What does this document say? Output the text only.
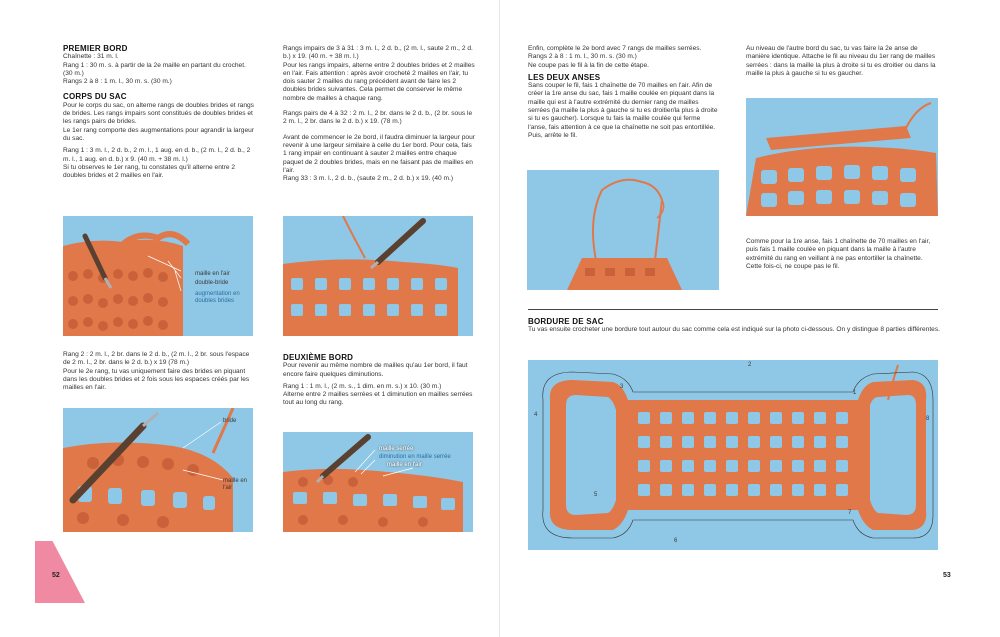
PREMIER BORD

Chaînette : 31 m. l.

Rang 1 : 30 m. s. à partir de la 2e maille en partant du crochet. (30 m.)

Rangs 2 à 8 : 1 m. l., 30 m. s. (30 m.)

CORPS DU SAC

Pour le corps du sac, on alterne rangs de doubles brides et rangs de brides. Les rangs impairs sont constitués de doubles brides et les rangs pairs de brides.

Le 1er rang comporte des augmentations pour agrandir la largeur du sac.

Rang 1 : 3 m. l., 2 d. b., 2 m. l., 1 aug. en d. b., (2 m. l., 2 d. b., 2 m. l., 1 aug. en d. b.) x 9. (40 m. + 38 m. l.)

Si tu observes le 1er rang, tu constates qu'il alterne entre 2 doubles brides et 2 mailles en l'air.

maille en l'air
double-bride
augmentation en doubles brides

Rang 2 : 2 m. l., 2 br. dans le 2 d. b., (2 m. l., 2 br. sous l'espace de 2 m. l., 2 br. dans le 2 d. b.) x 19 (78 m.)

Pour le 2e rang, tu vas uniquement faire des brides en piquant dans les doubles brides et 2 fois sous les espaces créés par les mailles en l'air.

bride
maille en l'air

Rangs impairs de 3 à 31 : 3 m. l., 2 d. b., (2 m. l., saute 2 m., 2 d. b.) x 19. (40 m. + 38 m. l.)

Pour les rangs impairs, alterne entre 2 doubles brides et 2 mailles en l'air. Fais attention : après avoir crocheté 2 mailles en l'air, tu dois sauter 2 mailles du rang précédent avant de faire les 2 doubles brides suivantes. Cela permet de conserver le même nombre de mailles à chaque rang.

Rangs pairs de 4 à 32 : 2 m. l., 2 br. dans le 2 d. b., (2 br. sous le 2 m. l., 2 br. dans le 2 d. b.) x 19. (78 m.)

Avant de commencer le 2e bord, il faudra diminuer la largeur pour revenir à une largeur similaire à celle du 1er bord. Pour cela, fais 1 rang impair en continuant à sauter 2 mailles entre chaque paquet de 2 doubles brides, mais en ne faisant pas de mailles en l'air.

Rang 33 : 3 m. l., 2 d. b., (saute 2 m., 2 d. b.) x 19. (40 m.)

DEUXIÈME BORD

Pour revenir au même nombre de mailles qu'au 1er bord, il faut encore faire quelques diminutions.

Rang 1 : 1 m. l., (2 m. s., 1 dim. en m. s.) x 10. (30 m.)

Alterne entre 2 mailles serrées et 1 diminution en mailles serrées tout au long du rang.

maille serrée
diminution en maille serrée
maille en l'air
52

Enfin, complète le 2e bord avec 7 rangs de mailles serrées.

Rangs 2 à 8 : 1 m. l., 30 m. s. (30 m.)

Ne coupe pas le fil à la fin de cette étape.

LES DEUX ANSES

Sans couper le fil, fais 1 chaînette de 70 mailles en l'air. Afin de créer la 1re anse du sac, fais 1 maille coulée en piquant dans la maille qui est à l'autre extrémité du dernier rang de mailles serrées (la maille la plus à gauche si tu es droitier/la plus à droite si tu es gaucher). Lorsque tu fais la maille coulée qui ferme l'anse, fais attention à ce que la chaînette ne soit pas entortillée. Puis, arrête le fil.

Au niveau de l'autre bord du sac, tu vas faire la 2e anse de manière identique. Attache le fil au niveau du 1er rang de mailles serrées : dans la maille la plus à droite si tu es droitier ou dans la maille la plus à gauche si tu es gaucher.

Comme pour la 1re anse, fais 1 chaînette de 70 mailles en l'air, puis fais 1 maille coulée en piquant dans la maille à l'autre extrémité du rang en veillant à ne pas entortiller la chaînette. Cette fois-ci, ne coupe pas le fil.

BORDURE DE SAC

Tu vas ensuite crocheter une bordure tout autour du sac comme cela est indiqué sur la photo ci-dessous. On y distingue 8 parties différentes.

1
2
3
4
5
6
7
8
53
